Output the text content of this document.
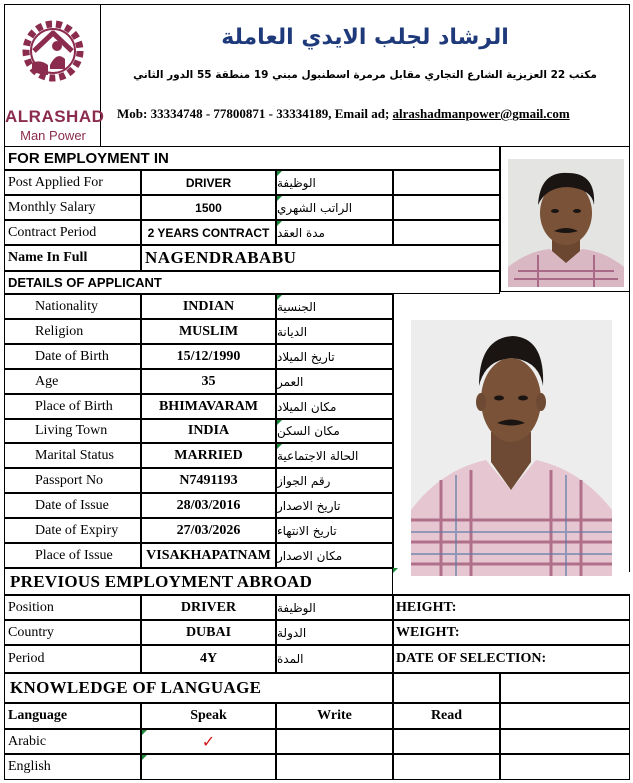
ALRASHAD
Man Power
الرشاد لجلب الايدي العاملة
مكتب 22 العزيزية الشارع التجاري مقابل مرمرة اسطنبول مبني 19 منطقة 55 الدور الثاني
Mob: 33334748 - 77800871 - 33334189, Email ad; alrashadmanpower@gmail.com
FOR EMPLOYMENT IN
Post Applied For	DRIVER	الوظيفة
Monthly Salary	1500	الراتب الشهري
Contract Period	2 YEARS CONTRACT مدة العقد
Name In Full	NAGENDRABABU
DETAILS OF APPLICANT
Nationality	INDIAN	الجنسية
Religion	MUSLIM	الديانة
Date of Birth	15/12/1990	تاريخ الميلاد
Age	35	العمر
Place of Birth	BHIMAVARAM	مكان الميلاد
Living Town	INDIA	مكان السكن
Marital Status	MARRIED	الحالة الاجتماعية
Passport No	N7491193	رقم الجواز
Date of Issue	28/03/2016	تاريخ الاصدار
Date of Expiry	27/03/2026	تاريخ الانتهاء
Place of Issue	VISAKHAPATNAM مكان الاصدار
PREVIOUS EMPLOYMENT ABROAD
Position	DRIVER	الوظيفة	HEIGHT:
Country	DUBAI	الدولة	WEIGHT:
Period	4Y	المدة	DATE OF SELECTION:
KNOWLEDGE OF LANGUAGE
Language	Speak	Write	Read
Arabic	✓
English
